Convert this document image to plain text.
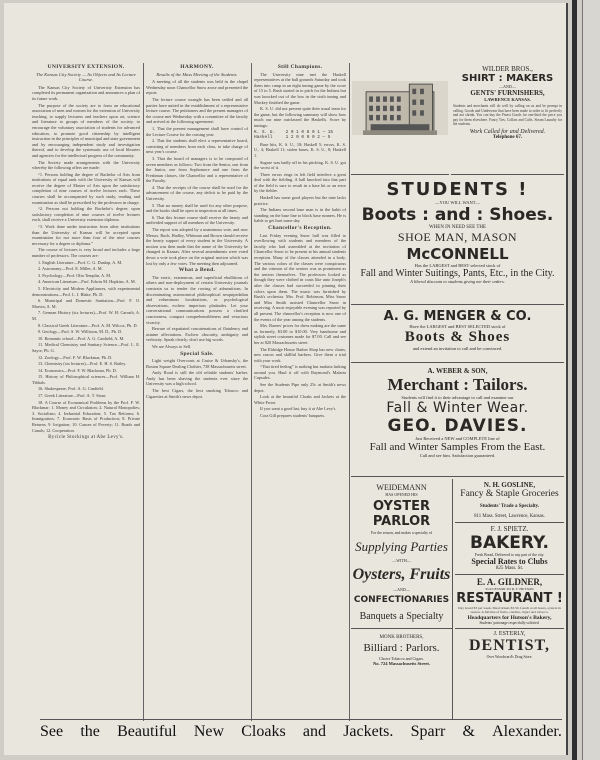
UNIVERSITY EXTENSION.
The Kansas City Society — Its Objects and Its Lecture Course.

The Kansas City Society of University Extension has completed its permanent organization and announces a plan of its future work.

The purpose of the society are to form an educational association of men and women for the extension of University teaching, to supply lecturers and teachers upon art, science and literature to groups of members of the society, to encourage the voluntary association of students for advanced education, to promote good citizenship by intelligent instruction in the principles of municipal and state government and by encouraging independent study and investigation thereof, and to develop the systematic use of local libraries and agencies for the intellectual progress of the community.

The Society made arrangements with the University whereby the following offers are made:

“1. Persons holding the degree of Bachelor of Arts from institutions of equal rank with the University of Kansas will receive the degree of Master of Arts upon the satisfactory completion of nine courses of twelve lectures each. These courses shall be accompanied by such study, reading and examination as shall be prescribed by the professors in charge.

“2. Persons not holding the Bachelor's degree, upon satisfactory completion of nine courses of twelve lectures each, shall receive a University extension diploma.

“3. Work done under instruction from other institutions than the University of Kansas will be accepted upon examination for not more than four of the nine courses necessary for a degree or diploma.”

The course of lectures is very broad and includes a large number of professors. The courses are:

1. English Literature—Prof. C. G. Dunlap, A. M.

2. Astronomy—Prof. E. Miller, A. M.

3. Psychology—Prof. Olin Templin, A. M.

4. American Literature—Prof. Edwin M. Hopkins, A. M.

5. Electricity and Modern Appliances, with experimental demonstrations—Prof. L. I. Blake, Ph. D.

6. Municipal and Domestic Sanitation—Prof. F. O. Marvin, A. M.

7. German History (six lectures)—Prof. W. H. Carruth, A. M.

8. Classical Greek Literature—Prof. A. M. Wilcox, Ph. D.

9. Geology—Prof. S. W. Williston, M. D., Ph. D.

10. Romantic school—Prof. A. G. Canfield, A. M.

11. Medical Chemistry and Sanitary Science—Prof. L. E. Sayre, Ph. G.

12. Zoology—Prof. F. W. Blackmar, Ph. D.

13. Chemistry (six lectures)—Prof. E. H. S. Bailey.

14. Economics—Prof. F. W. Blackmar, Ph. D.

15. History of Philosophical sciences—Prof. William H. Tibbals.

16. Shakespeare, Prof. A. G. Canfield.

17. Greek Literature—Prof. A. T. Stout.

18. A Course of Economical Problems by the Prof. F. W. Blackmar: 1. Money and Circulation; 2. Natural Monopolies; 3. Socialism; 4. Industrial Education; 5. Tax Reforms; 6. Immigration; 7. Economic Basis of Production; 8. Private Returns; 9. Irrigation; 10. Causes of Poverty; 11. Roads and Canals; 12. Cooperation.

Bycicle Stockings at Abe Levy's.
HARMONY.
Results of the Mass Meeting of the Students.

A meeting of all the students was held in the chapel Wednesday noon Chancellor Snow arose and presented the report:

The lecture course wrangle has been settled and all parties have united in the establishment of a representative lecture course. The petitioners and the present managers of the course met Wednesday with a committee of the faculty and arrived at the following agreement:

1. That the present management shall have control of the Lecture Course for the coming year.

2. That the students shall elect a representative board, consisting of members from each class, to take charge of next year's course.

3. That the board of managers is to be composed of seven members as follows: Two from the Senior, one from the Junior, one from Sophomore and one from the Freshman classes, the Chancellor and a representative of the Faculty.

4. That the receipts of the course shall be used for the advancement of the course, any deficit to be paid by the University.

5. That no money shall be used for any other purpose, and the books shall be open to inspection at all times.

6. That this lecture course shall receive the hearty and undivided support of all members of the University.

The report was adopted by a unanimous vote, and now Messrs. Ruch, Hadley, Whitman and Brown should receive the hearty support of every student in the University. A motion was then made that the name of the University be changed to Kansas. After several amendments were voted down a vote took place on the original motion which was lost by only a few votes. The meeting then adjourned.

What a Bend.

The erotic, extraneous, and superficial ebullitions of others and non-deployment of certain University journals constrain us to tender the rowing of admonitions. In discriminating astronomical philosophical sesquipedalian and voluminous lucubrations, or psychological observations, eschew imperious platitudes. Let your conversational communications possess a clarified conciseness, compact comprehensibleness and veracious vivacity.

Beware of expatiated concatenations of flatulency and asinine affectations. Eschew obscurity, ambiguity and verbosity. Speak clearly; don't use big words.

We are Always to Sell.

Special Sale.

Light weight Overcoats at Cruise & Urbansky's, the Boston Square Dealing Clothier, 738 Massachusetts street.

Andy Road is still the old reliable students' barber. Andy has been shaving the students ever since the University was a high school.

The best Cigars, the best smoking Tobacco and Cigarettes at Smith's news depot.

Still Champions.

The University nine met the Haskell representatives at the ball grounds Saturday and took them into camp in an eight inning game by the score of 15 to 5. Rush started in to pitch for the Indians but was knocked out of the box in the sixth inning and Mackey finished the game.

K. S. U. did not present quite their usual team for the game, but the following summary will show how much our nine outclassed the Haskells. Score by innings:

K. S. U.    2 0 1 0 8 0 1 — 15
Haskell     1 2 0 0 0 0 2 — 5

Base hits, K. S. U., 18; Haskell 5; errors, K. S. U., 4; Haskell 11; stolen bases, K. S. U., 8; Haskell 1.

Sugrue was badly off in his pitching. K. S. U. got the worst of it.

Three errors rings in left field interfere a great deal with the fielding. A ball knocked into that part of the field is sure to result in a base hit or an error by the fielder.

Haskell has some good players but the nine lacks practice.

The Indians second base man is in the habit of standing on the base line to block base runners. He is liable to get hurt some day.

Chancellor's Reception.

Last Friday evening Snow hall was filled to overflowing with students and members of the faculty who had assembled at the invitation of Chancellor Snow to be present at his annual students reception. Many of the classes attended in a body. The various colors of the classes were conspicuous and the crimson of the seniors was as prominent as the seniors themselves. The professors looked as though they were clothed in coats like unto Joseph's after the classes had succeeded in pinning their colors upon them. The music was furnished by Bush's orchestra. Mrs. Prof. Robinson, Miss Snow and Miss Smith assisted Chancellor Snow in receiving. A most enjoyable evening was reported by all present. The chancellor's reception is now one of the events of the year among the students.

Mrs. Barnes' prices for dress making are the same as formerly, $3.00 to $10.00. Very handsome and stylish street costumes made for $7.00. Call and see her at 820 Massachusetts street.

The Eldridge House Barber Shop has new chairs, new razors and skillful barbers. Give them a trial with your work.

“That tired feeling” is nothing but malaria lurking around you. Haul it off with Raymond's Malaria Capsules.

See the Students Pipe only 25c at Smith's news depot.

Look at the beautiful Cloaks and Jackets at the White Front.

If you want a good hat, buy it at Abe Levy's.

Cora Gill prepares students' banquets.

WILDER BROS.,
SHIRT : MAKERS
—AND—
GENTS' FURNISHERS,
LAWRENCE KANSAS.
Students and merchants will do well by calling on us and be prompt in calling. Goods and Underwear that have been made to order to fit perfectly and not shrink. You can buy the Finest Goods for one-third the price you pay for them elsewhere. Fancy Ties, Collars and Cuffs. Steam Laundry for the students.
Work Called for and Delivered.
Telephone 67.
STUDENTS !
—YOU WILL WANT—
Boots : and : Shoes.
WHEN IN NEED SEE THE
SHOE MAN, MASON
McCONNELL
Has the LARGEST and BEST selected stock of
Fall and Winter Suitings, Pants, Etc., in the City.
A liberal discount to students giving me their orders.
A. G. MENGER & CO.
Have the LARGEST and BEST SELECTED stock of
Boots & Shoes
and extend an invitation to call and be convinced.
A. WEBER & SON,
Merchant : Tailors.
Students will find it to their advantage to call and examine our
Fall & Winter Wear.
GEO. DAVIES.
Just Received a NEW and COMPLETE line of
Fall and Winter Samples From the East.
Call and see him. Satisfaction guaranteed.
WEIDEMANN
HAS OPENED HIS
OYSTER PARLOR
For the season, and makes a specialty of
Supplying Parties
—WITH—
Oysters, Fruits
—AND—
CONFECTIONARIES
Banquets a Specialty
MONK BROTHERS,
Billiard : Parlors.
Choice Tobacco and Cigars.
No. 724 Massachusetts Street.
N. H. GOSLINE,
Fancy & Staple Groceries
Students' Trade a Specialty.
811 Mass. Street, Lawrence, Kansas.
F. J. SPIETZ.
BAKERY.
Fresh Bread, Delivered to any part of the city.
Special Rates to Clubs
825 Mass. St.
E. A. GILDNER,
SUCCESSOR TO R. T. HUTSON
RESTAURANT !
Day board $3 per week. Meal tickets $3.50. Lunch at all hours, oysters in season. A full line of fruits, candies, cigars and tobacco.
Headquarters for Hutson's Bakery,
Students' patronage respectfully solicited.
J. ESTERLY,
DENTIST,
Over Woodward's Drug Store.
See the Beautiful New Cloaks and Jackets. Sparr & Alexander.
